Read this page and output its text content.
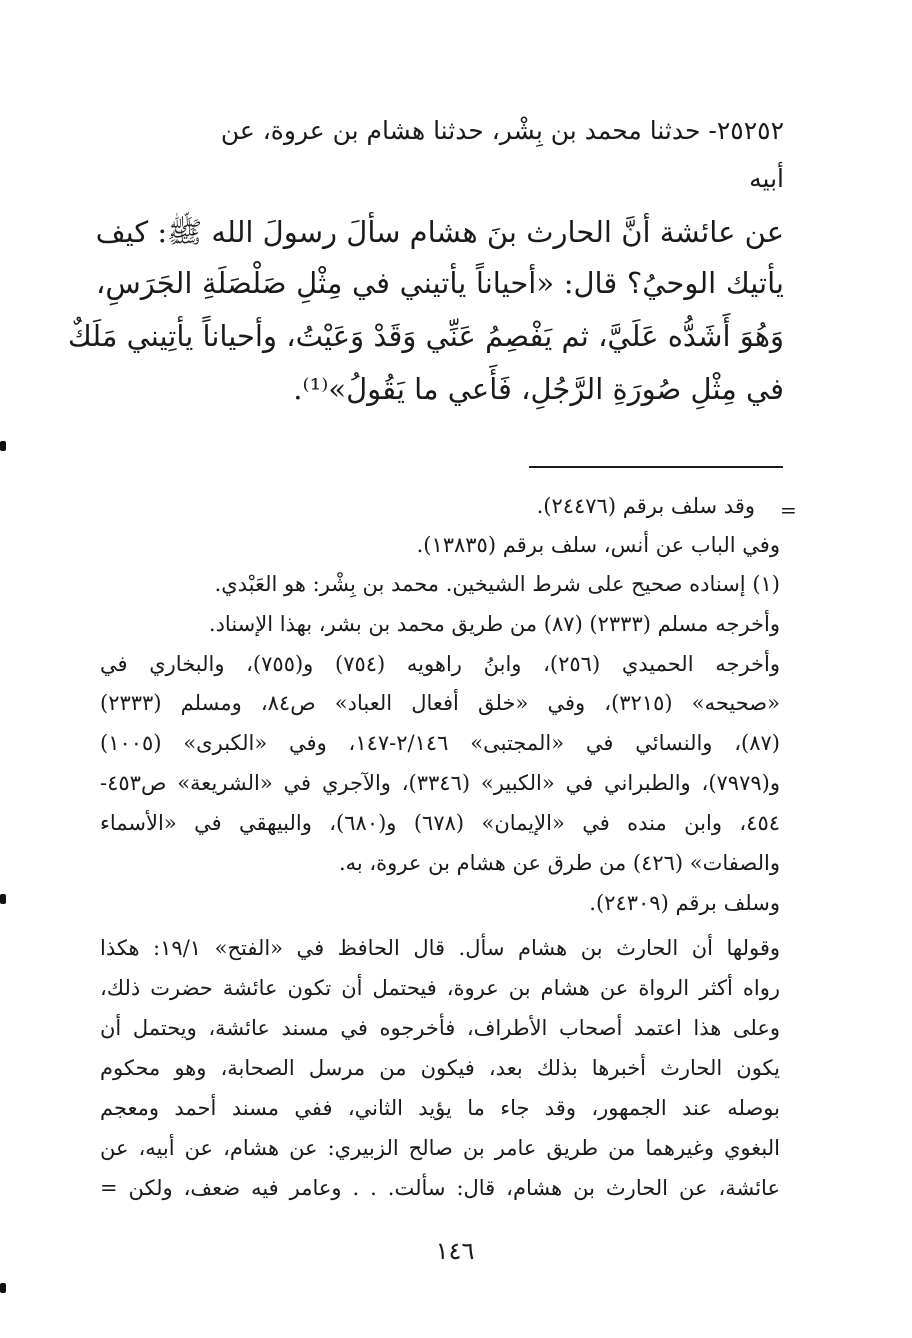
٢٥٢٥٢- حدثنا محمد بن بِشْر، حدثنا هشام بن عروة، عن
أبيه
عن عائشة أنَّ الحارث بنَ هشام سألَ رسولَ الله ﷺ: كيف
يأتيك الوحيُ؟ قال: «أحياناً يأتيني في مِثْلِ صَلْصَلَةِ الجَرَسِ،
وَهُوَ أَشَدُّه عَلَيَّ، ثم يَفْصِمُ عَنِّي وَقَدْ وَعَيْتُ، وأحياناً يأتِيني مَلَكٌ
في مِثْلِ صُورَةِ الرَّجُلِ، فَأَعي ما يَقُولُ»⁽¹⁾.
=
وقد سلف برقم (٢٤٤٧٦).
وفي الباب عن أنس، سلف برقم (١٣٨٣٥).
(١) إسناده صحيح على شرط الشيخين. محمد بن بِشْر: هو العَبْدي.
وأخرجه مسلم (٢٣٣٣) (٨٧) من طريق محمد بن بشر، بهذا الإسناد.
وأخرجه الحميدي (٢٥٦)، وابنُ راهويه (٧٥٤) و(٧٥٥)، والبخاري في
«صحيحه» (٣٢١٥)، وفي «خلق أفعال العباد» ص٨٤، ومسلم (٢٣٣٣)
(٨٧)، والنسائي في «المجتبى» ٢/١٤٦-١٤٧، وفي «الكبرى» (١٠٠٥)
و(٧٩٧٩)، والطبراني في «الكبير» (٣٣٤٦)، والآجري في «الشريعة» ص٤٥٣-
٤٥٤، وابن منده في «الإيمان» (٦٧٨) و(٦٨٠)، والبيهقي في «الأسماء
والصفات» (٤٢٦) من طرق عن هشام بن عروة، به.
وسلف برقم (٢٤٣٠٩).
وقولها أن الحارث بن هشام سأل. قال الحافظ في «الفتح» ١٩/١: هكذا
رواه أكثر الرواة عن هشام بن عروة، فيحتمل أن تكون عائشة حضرت ذلك،
وعلى هذا اعتمد أصحاب الأطراف، فأخرجوه في مسند عائشة، ويحتمل أن
يكون الحارث أخبرها بذلك بعد، فيكون من مرسل الصحابة، وهو محكوم
بوصله عند الجمهور، وقد جاء ما يؤيد الثاني، ففي مسند أحمد ومعجم
البغوي وغيرهما من طريق عامر بن صالح الزبيري: عن هشام، عن أبيه، عن
عائشة، عن الحارث بن هشام، قال: سألت. . . وعامر فيه ضعف، ولكن =
١٤٦
